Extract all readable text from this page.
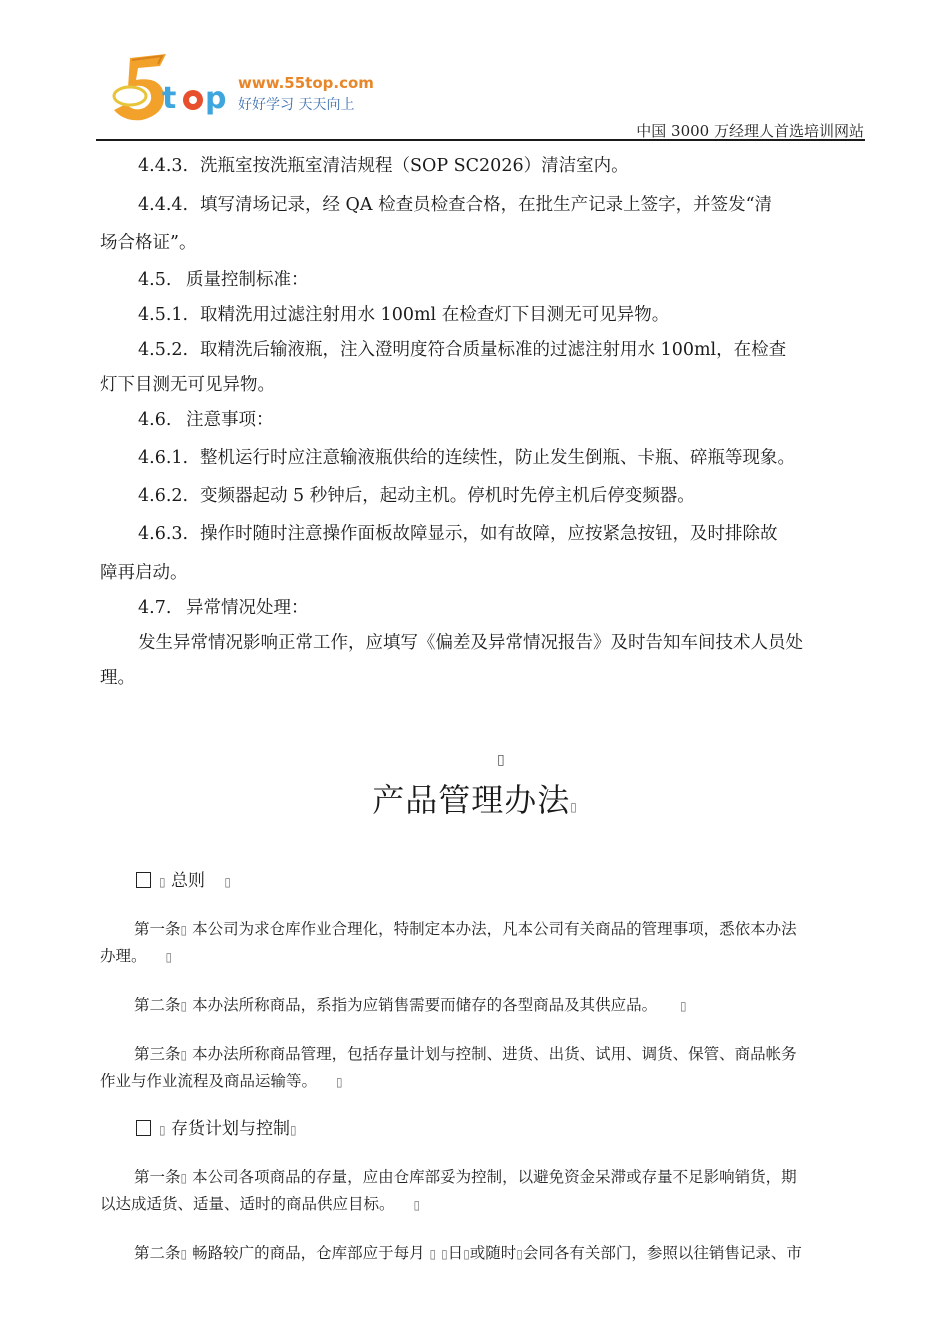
t p www.55top.com
好好学习 天天向上
中国 3000 万经理人首选培训网站
4.4.3. 洗瓶室按洗瓶室清洁规程（SOP SC2026）清洁室内。
4.4.4. 填写清场记录，经 QA 检查员检查合格，在批生产记录上签字，并签发“清
场合格证”。
4.5. 质量控制标准：
4.5.1. 取精洗用过滤注射用水 100ml 在检查灯下目测无可见异物。
4.5.2. 取精洗后输液瓶，注入澄明度符合质量标准的过滤注射用水 100ml，在检查
灯下目测无可见异物。
4.6. 注意事项：
4.6.1. 整机运行时应注意输液瓶供给的连续性，防止发生倒瓶、卡瓶、碎瓶等现象。
4.6.2. 变频器起动 5 秒钟后，起动主机。停机时先停主机后停变频器。
4.6.3. 操作时随时注意操作面板故障显示，如有故障，应按紧急按钮，及时排除故
障再启动。
4.7. 异常情况处理：
发生异常情况影响正常工作，应填写《偏差及异常情况报告》及时告知车间技术人员处
理。
▯
产品管理办法▯
▯ 总则 ▯
第一条▯ 本公司为求仓库作业合理化，特制定本办法，凡本公司有关商品的管理事项，悉依本办法
办理。 ▯
第二条▯ 本办法所称商品，系指为应销售需要而储存的各型商品及其供应品。 ▯
第三条▯ 本办法所称商品管理，包括存量计划与控制、进货、出货、试用、调货、保管、商品帐务
作业与作业流程及商品运输等。 ▯
▯ 存货计划与控制▯
第一条▯ 本公司各项商品的存量，应由仓库部妥为控制，以避免资金呆滞或存量不足影响销货，期
以达成适货、适量、适时的商品供应目标。 ▯
第二条▯ 畅路较广的商品，仓库部应于每月 ▯ ▯日▯或随时▯会同各有关部门，参照以往销售记录、市
